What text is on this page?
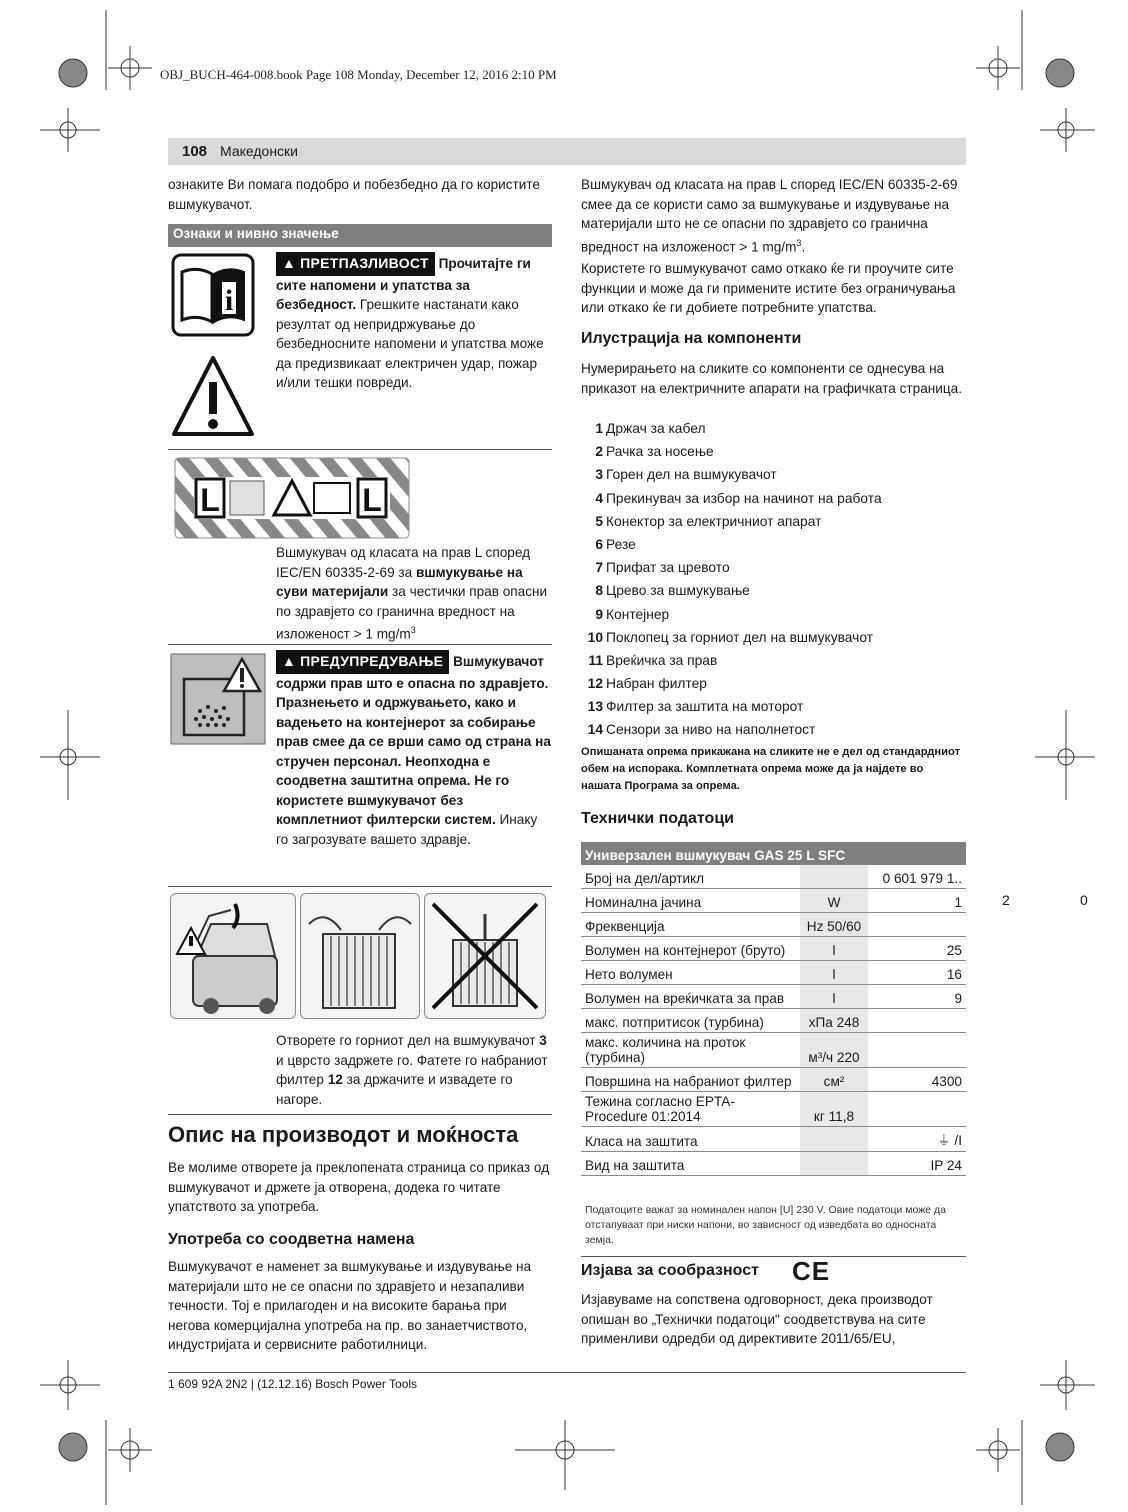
OBJ_BUCH-464-008.book Page 108 Monday, December 12, 2016 2:10 PM
108 Македонски
ознаките Ви помага подобро и побезбедно да го користите вшмукувачот.
Ознаки и нивно значење
i
▲ ПРЕТПАЗЛИВОСТ Прочитајте ги сите напомени и упатства за безбедност. Грешките настанати како резултат од непридржување до безбедносните напомени и упатства може да предизвикаат електричен удар, пожар и/или тешки повреди.
L	L
Вшмукувач од класата на прав L според IEC/EN 60335-2-69 за вшмукување на суви материјали за честички прав опасни по здравјето со гранична вредност на изложеност > 1 $mg/m^3$
▲ ПРЕДУПРЕДУВАЊЕ Вшмукувачот содржи прав што е опасна по здравјето. Празнењето и одржувањето, како и вадењето на контејнерот за собирање прав смее да се врши само од страна на стручен персонал. Неопходна е соодветна заштитна опрема. Не го користете вшмукувачот без комплетниот филтерски систем. Инаку го загрозувате вашето здравје.
Отворете го горниот дел на вшмукувачот 3 и цврсто задржете го. Фатете го набраниот филтер 12 за држачите и извадете го нагоре.
Опис на производот и моќноста
Ве молиме отворете ја преклопената страница со приказ од вшмукувачот и држете ја отворена, додека го читате упатството за употреба.
Употреба со соодветна намена
Вшмукувачот е наменет за вшмукување и издувување на материјали што не се опасни по здравјето и незапаливи течности. Тој е прилагоден и на високите барања при негова комерцијална употреба на пр. во занаетчиството, индустријата и сервисните работилници.
Вшмукувач од класата на прав L според IEC/EN 60335-2-69 смее да се користи само за вшмукување и издувување на материјали што не се опасни по здравјето со гранична вредност на изложеност > 1 $mg/m^3$.
Користете го вшмукувачот само откако ќе ги проучите сите функции и може да ги примените истите без ограничувања или откако ќе ги добиете потребните упатства.
Илустрација на компоненти
Нумерирањето на сликите со компоненти се однесува на приказот на електричните апарати на графичката страница.
1 Држач за кабел
2 Рачка за носење
3 Горен дел на вшмукувачот
4 Прекинувач за избор на начинот на работа
5 Конектор за електричниот апарат
6 Резе
7 Прифат за цревото
8 Црево за вшмукување
9 Контејнер
10 Поклопец за горниот дел на вшмукувачот
11 Вреќичка за прав
12 Набран филтер
13 Филтер за заштита на моторот
14 Сензори за ниво на наполнетост
Опишаната опрема прикажана на сликите не е дел од стандардниот обем на испорака. Комплетната опрема може да ја најдете во нашата Програма за опрема.
Технички податоци
Универзален вшмукувач GAS 25 L SFC		
Број на дел/артикл		0 601 979 1..
Номинална јачина	W	1
Фреквенција	Hz 50/60	
Волумен на контејнерот (бруто)	l	25
Нето волумен	l	16
Волумен на вреќичката за прав	l	9
макс. потпритисок (турбина)	хПа 248	
макс. количина на проток (турбина)	м³/ч 220	
Површина на набраниот филтер	см²	4300
Тежина согласно EPTA-Procedure 01:2014	кг 11,8	
Класа на заштита		⏚ /I
Вид на заштита		IP 24
2	0
Податоците важат за номинален напон [U] 230 V. Овие податоци може да отстапуваат при ниски напони, во зависност од изведбата во односната земја.
Изјава за сообразност CE
Изјавуваме на сопствена одговорност, дека производот опишан во „Технички податоци" соодветствува на сите применливи одредби од директивите 2011/65/EU,
1 609 92A 2N2 | (12.12.16) Bosch Power Tools
